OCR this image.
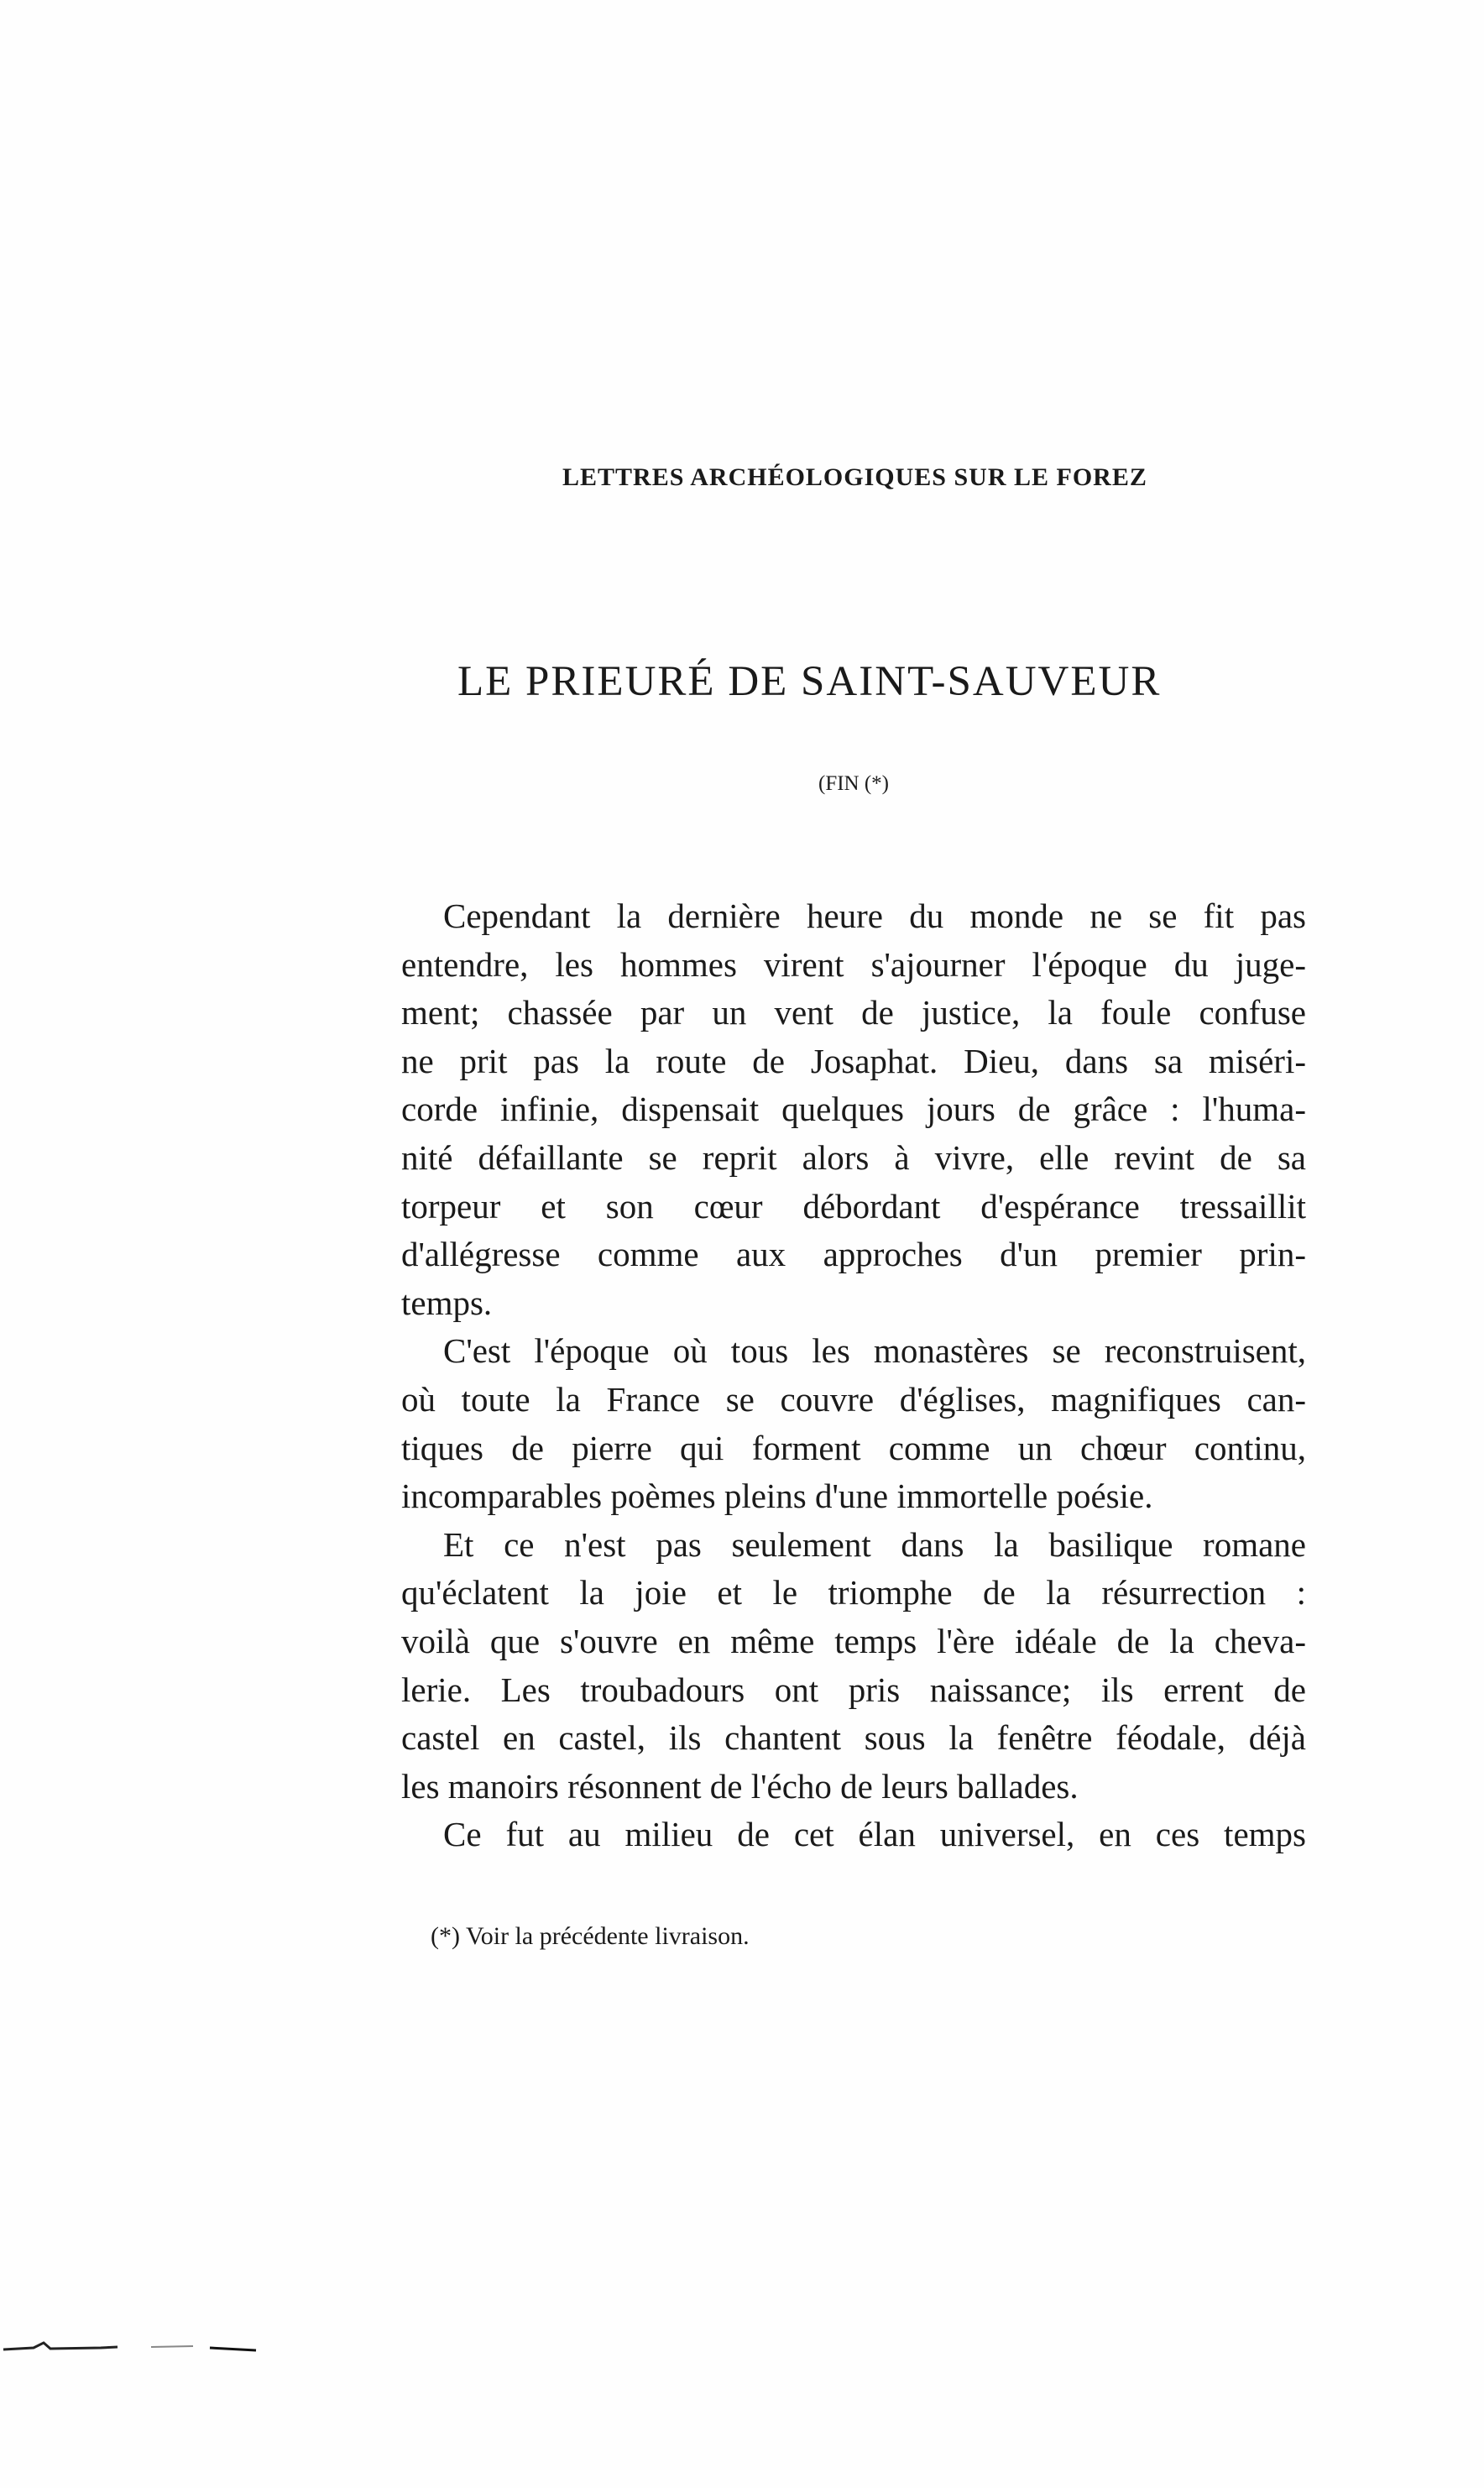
LETTRES ARCHÉOLOGIQUES SUR LE FOREZ
LE PRIEURÉ DE SAINT-SAUVEUR
(FIN (*)
Cependant la dernière heure du monde ne se fit pas
entendre, les hommes virent s'ajourner l'époque du juge-
ment; chassée par un vent de justice, la foule confuse
ne prit pas la route de Josaphat. Dieu, dans sa miséri-
corde infinie, dispensait quelques jours de grâce : l'huma-
nité défaillante se reprit alors à vivre, elle revint de sa
torpeur et son cœur débordant d'espérance tressaillit
d'allégresse comme aux approches d'un premier prin-
temps.
C'est l'époque où tous les monastères se reconstruisent,
où toute la France se couvre d'églises, magnifiques can-
tiques de pierre qui forment comme un chœur continu,
incomparables poèmes pleins d'une immortelle poésie.
Et ce n'est pas seulement dans la basilique romane
qu'éclatent la joie et le triomphe de la résurrection :
voilà que s'ouvre en même temps l'ère idéale de la cheva-
lerie. Les troubadours ont pris naissance; ils errent de
castel en castel, ils chantent sous la fenêtre féodale, déjà
les manoirs résonnent de l'écho de leurs ballades.
Ce fut au milieu de cet élan universel, en ces temps
(*) Voir la précédente livraison.
